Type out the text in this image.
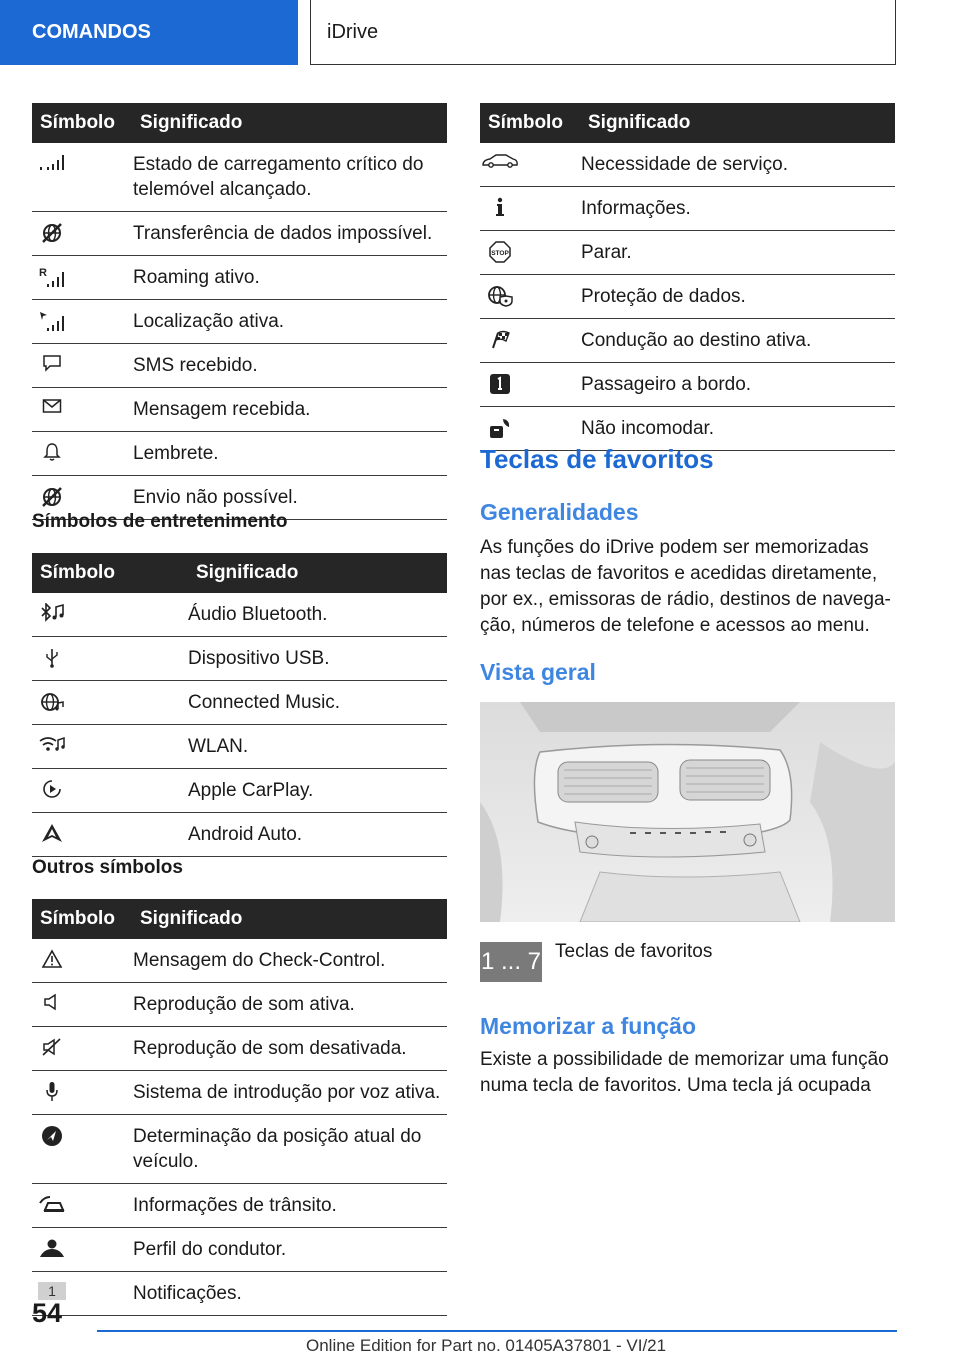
COMANDOS	iDrive
Símbolo	Significado
Estado de carregamento crítico do telemóvel alcançado.
Transferência de dados impossível.
R	Roaming ativo.
Localização ativa.
SMS recebido.
Mensagem recebida.
Lembrete.
Envio não possível.
Símbolos de entretenimento
Símbolo	Significado
Áudio Bluetooth.
Dispositivo USB.
Connected Music.
WLAN.
Apple CarPlay.
Android Auto.
Outros símbolos
Símbolo	Significado
Mensagem do Check-Control.
Reprodução de som ativa.
Reprodução de som desativada.
Sistema de introdução por voz ativa.
Determinação da posição atual do veículo.
Informações de trânsito.
Perfil do condutor.
1	Notificações.
Símbolo	Significado
Necessidade de serviço.
Informações.
STOP	Parar.
Proteção de dados.
Condução ao destino ativa.
Passageiro a bordo.
Não incomodar.
Teclas de favoritos
Generalidades
As funções do iDrive podem ser memorizadas
nas teclas de favoritos e acedidas diretamente,
por ex., emissoras de rádio, destinos de navega-
ção, números de telefone e acessos ao menu.
Vista geral
1 ... 7 Teclas de favoritos
Memorizar a função
Existe a possibilidade de memorizar uma função
numa tecla de favoritos. Uma tecla já ocupada
54
Online Edition for Part no. 01405A37801 - VI/21
